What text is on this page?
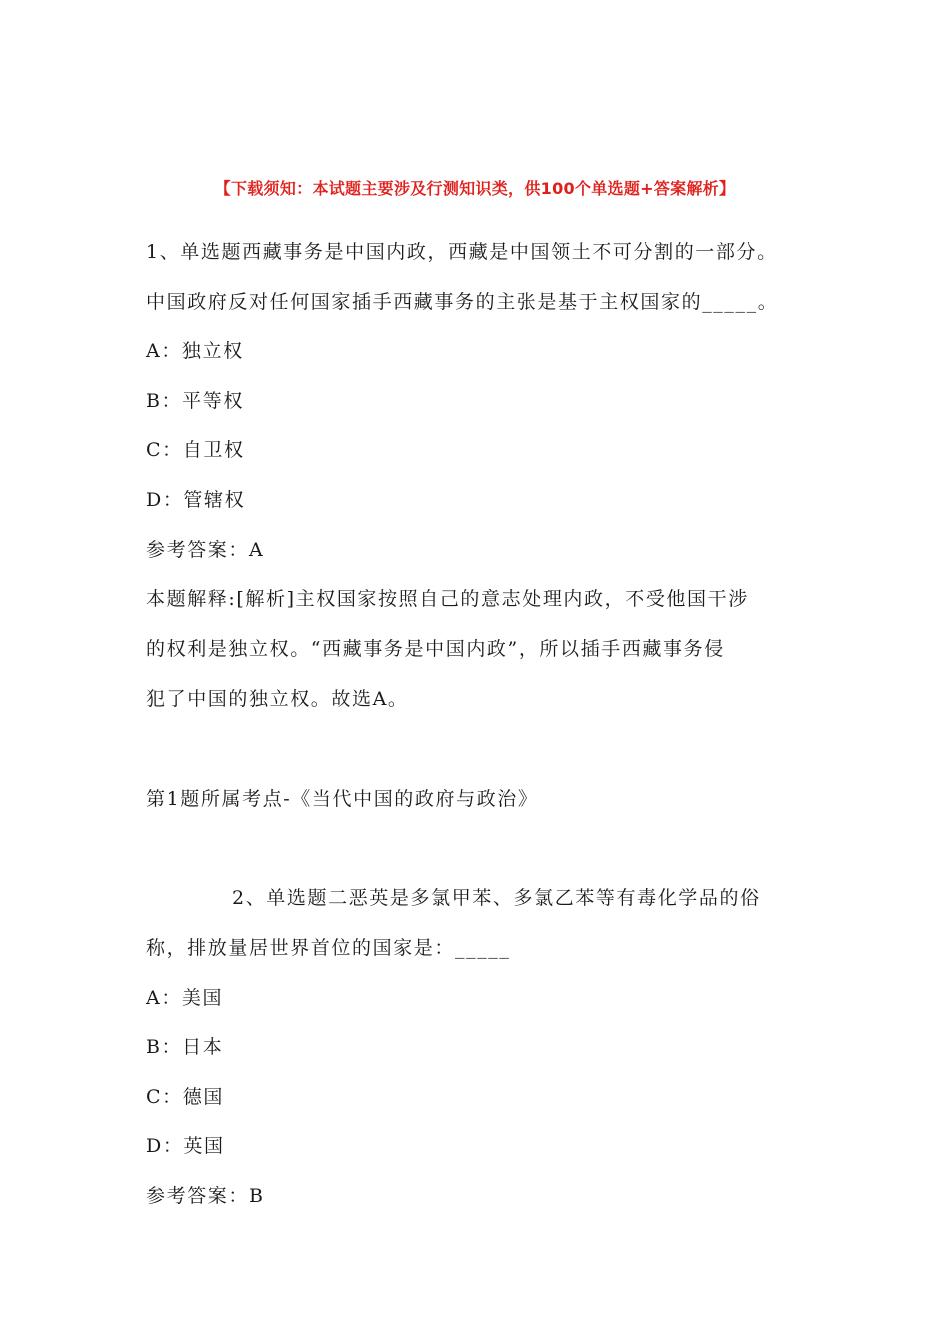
【下载须知：本试题主要涉及行测知识类，供100个单选题+答案解析】
1、单选题西藏事务是中国内政，西藏是中国领土不可分割的一部分。
中国政府反对任何国家插手西藏事务的主张是基于主权国家的_____。
A：独立权
B：平等权
C：自卫权
D：管辖权
参考答案：A
本题解释:[解析]主权国家按照自己的意志处理内政，不受他国干涉
的权利是独立权。“西藏事务是中国内政”，所以插手西藏事务侵
犯了中国的独立权。故选A。
第1题所属考点-《当代中国的政府与政治》
2、单选题二恶英是多氯甲苯、多氯乙苯等有毒化学品的俗
称，排放量居世界首位的国家是：_____
A：美国
B：日本
C：德国
D：英国
参考答案：B
